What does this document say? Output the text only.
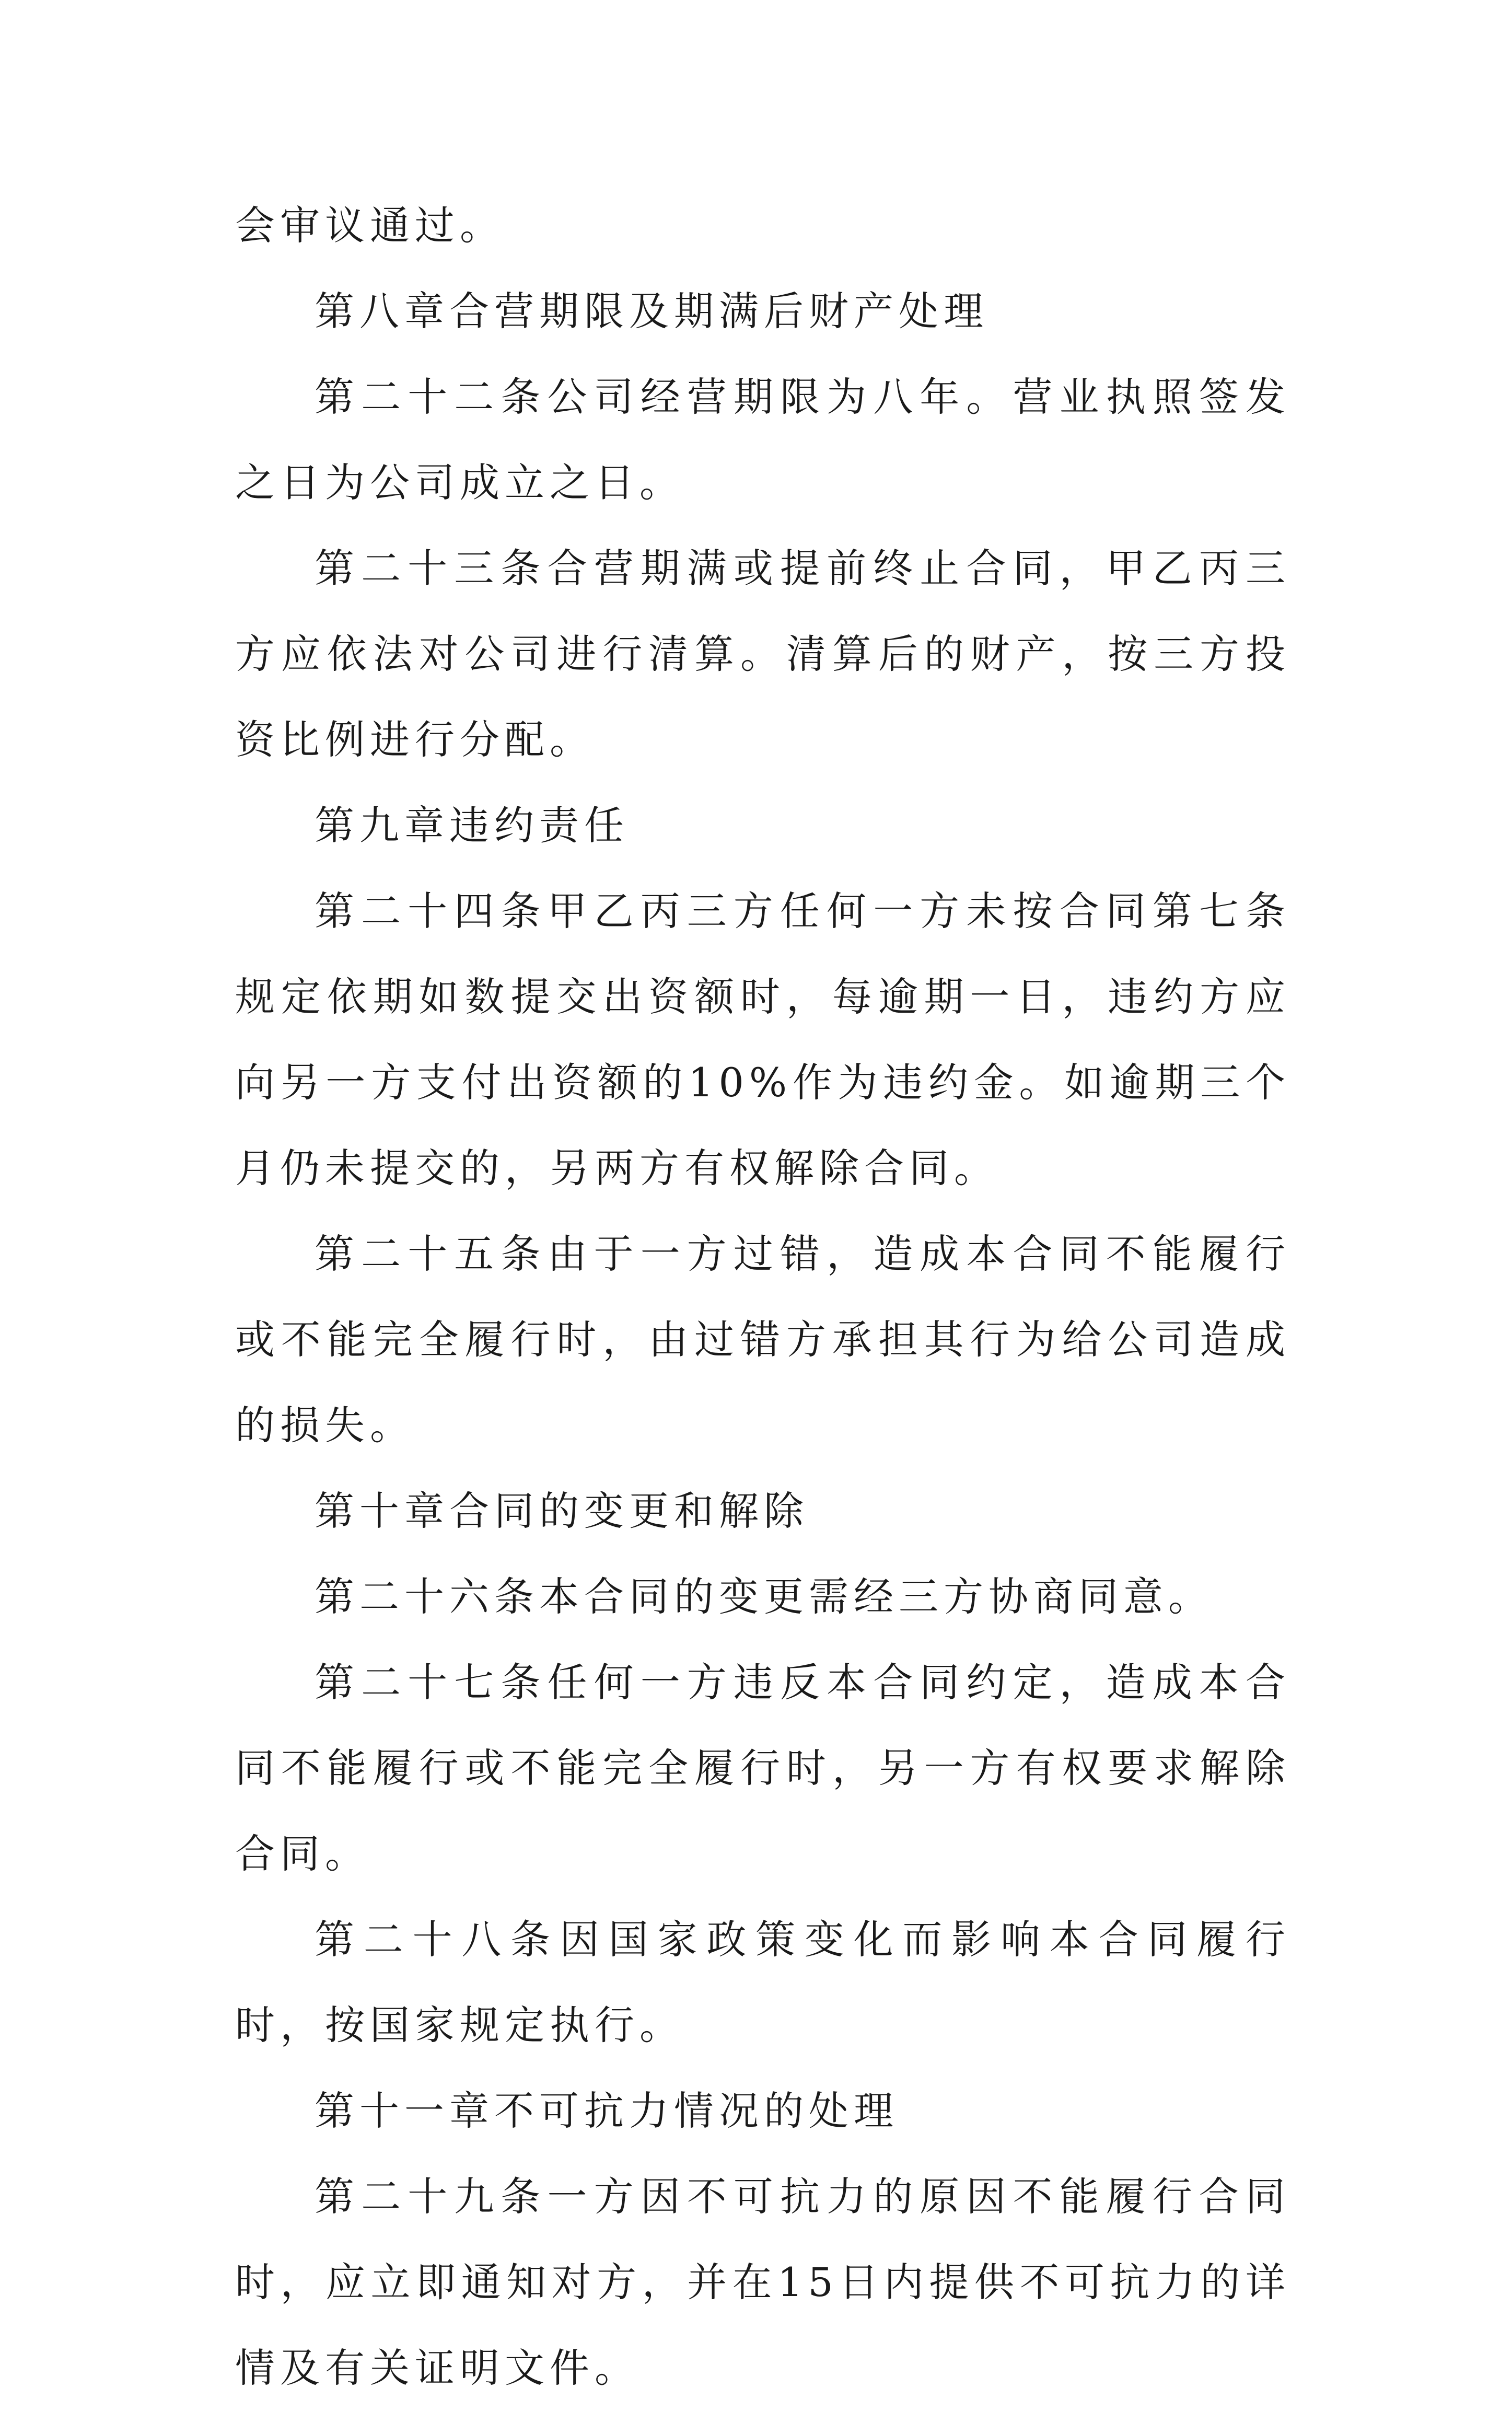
会审议通过。

第八章合营期限及期满后财产处理

第二十二条公司经营期限为八年。营业执照签发之日为公司成立之日。

第二十三条合营期满或提前终止合同，甲乙丙三方应依法对公司进行清算。清算后的财产，按三方投资比例进行分配。

第九章违约责任

第二十四条甲乙丙三方任何一方未按合同第七条规定依期如数提交出资额时，每逾期一日，违约方应向另一方支付出资额的10%作为违约金。如逾期三个月仍未提交的，另两方有权解除合同。

第二十五条由于一方过错，造成本合同不能履行或不能完全履行时，由过错方承担其行为给公司造成的损失。

第十章合同的变更和解除

第二十六条本合同的变更需经三方协商同意。

第二十七条任何一方违反本合同约定，造成本合同不能履行或不能完全履行时，另一方有权要求解除合同。

第二十八条因国家政策变化而影响本合同履行时，按国家规定执行。

第十一章不可抗力情况的处理

第二十九条一方因不可抗力的原因不能履行合同时，应立即通知对方，并在15日内提供不可抗力的详情及有关证明文件。
